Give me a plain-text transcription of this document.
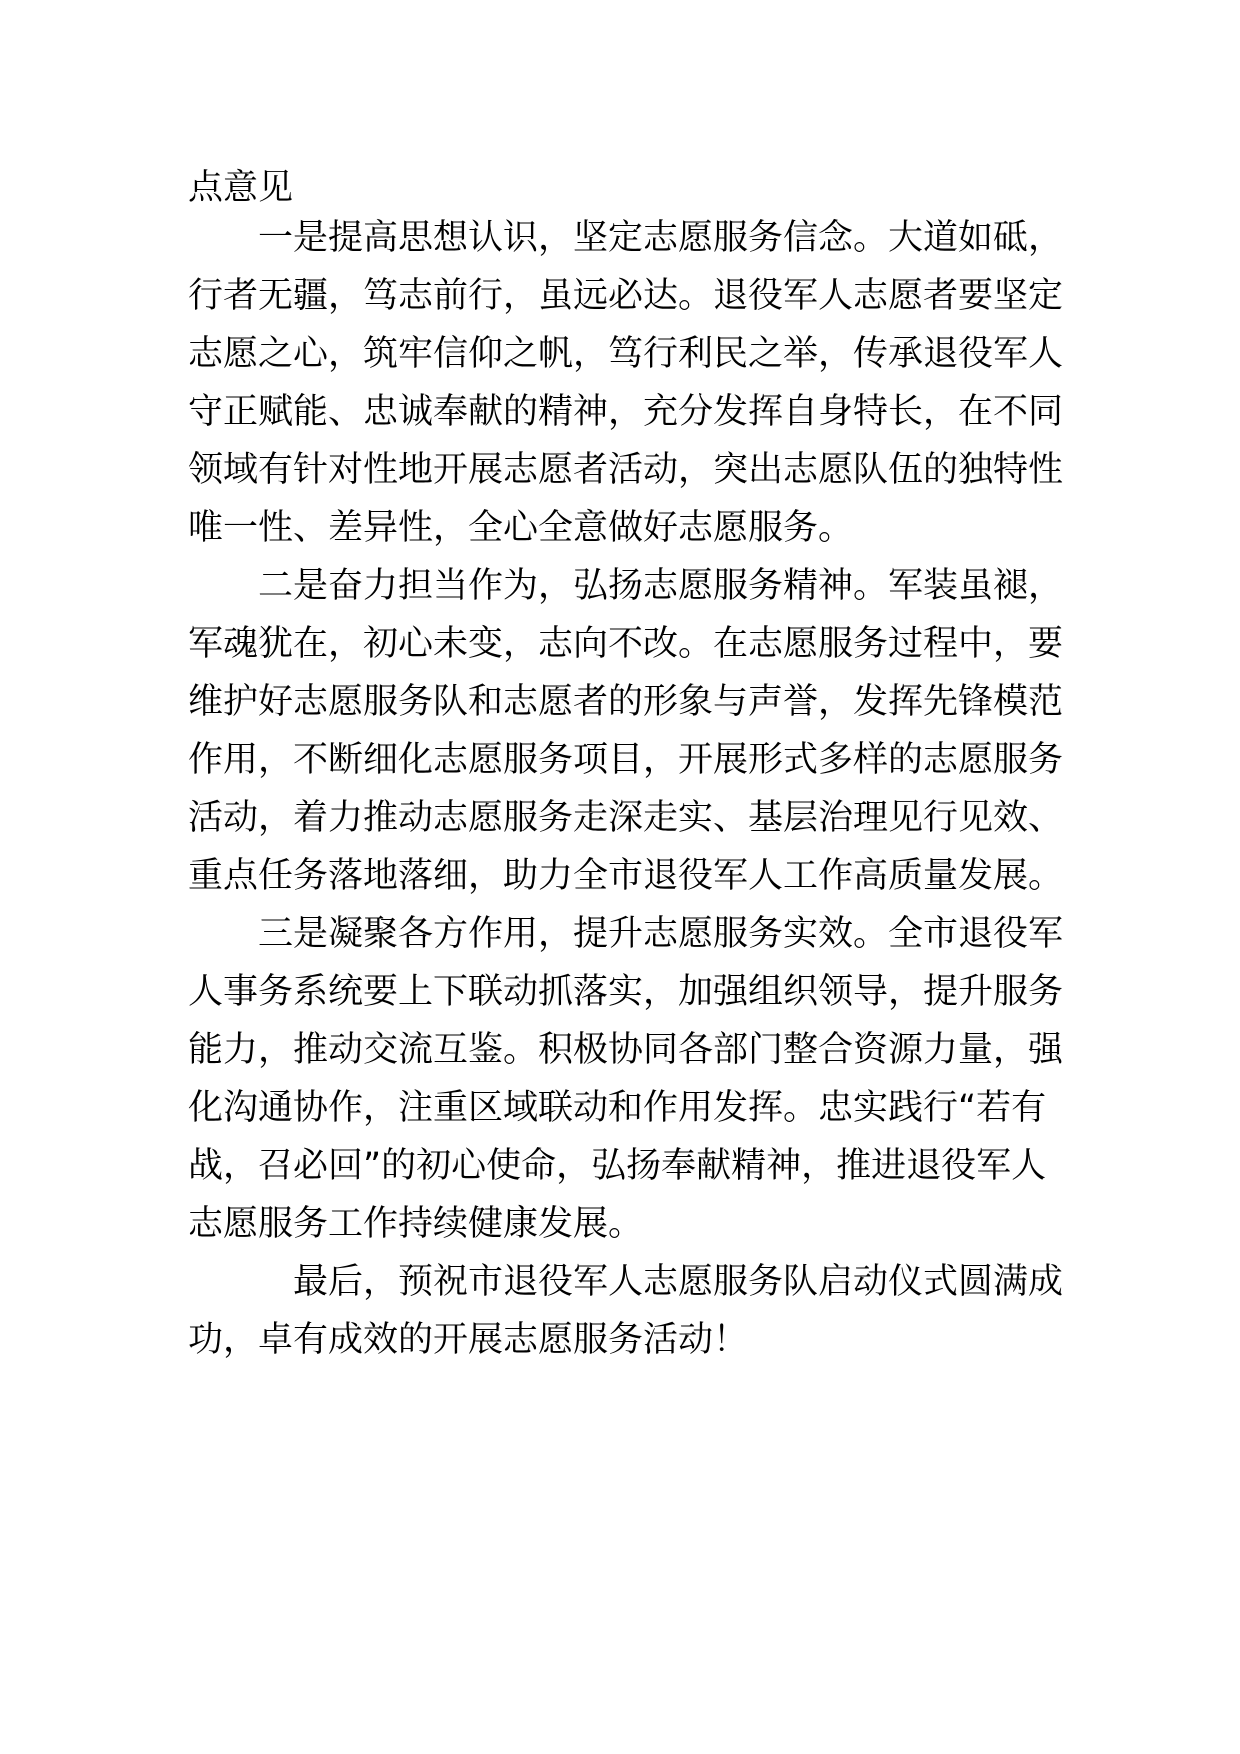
点意见
　　一是提高思想认识，坚定志愿服务信念。大道如砥，
行者无疆，笃志前行，虽远必达。退役军人志愿者要坚定
志愿之心，筑牢信仰之帆，笃行利民之举，传承退役军人
守正赋能、忠诚奉献的精神，充分发挥自身特长，在不同
领域有针对性地开展志愿者活动，突出志愿队伍的独特性
唯一性、差异性，全心全意做好志愿服务。
　　二是奋力担当作为，弘扬志愿服务精神。军装虽褪，
军魂犹在，初心未变，志向不改。在志愿服务过程中，要
维护好志愿服务队和志愿者的形象与声誉，发挥先锋模范
作用，不断细化志愿服务项目，开展形式多样的志愿服务
活动，着力推动志愿服务走深走实、基层治理见行见效、
重点任务落地落细，助力全市退役军人工作高质量发展。
　　三是凝聚各方作用，提升志愿服务实效。全市退役军
人事务系统要上下联动抓落实，加强组织领导，提升服务
能力，推动交流互鉴。积极协同各部门整合资源力量，强
化沟通协作，注重区域联动和作用发挥。忠实践行“若有
战，召必回”的初心使命，弘扬奉献精神，推进退役军人
志愿服务工作持续健康发展。
　　　最后，预祝市退役军人志愿服务队启动仪式圆满成
功，卓有成效的开展志愿服务活动！
